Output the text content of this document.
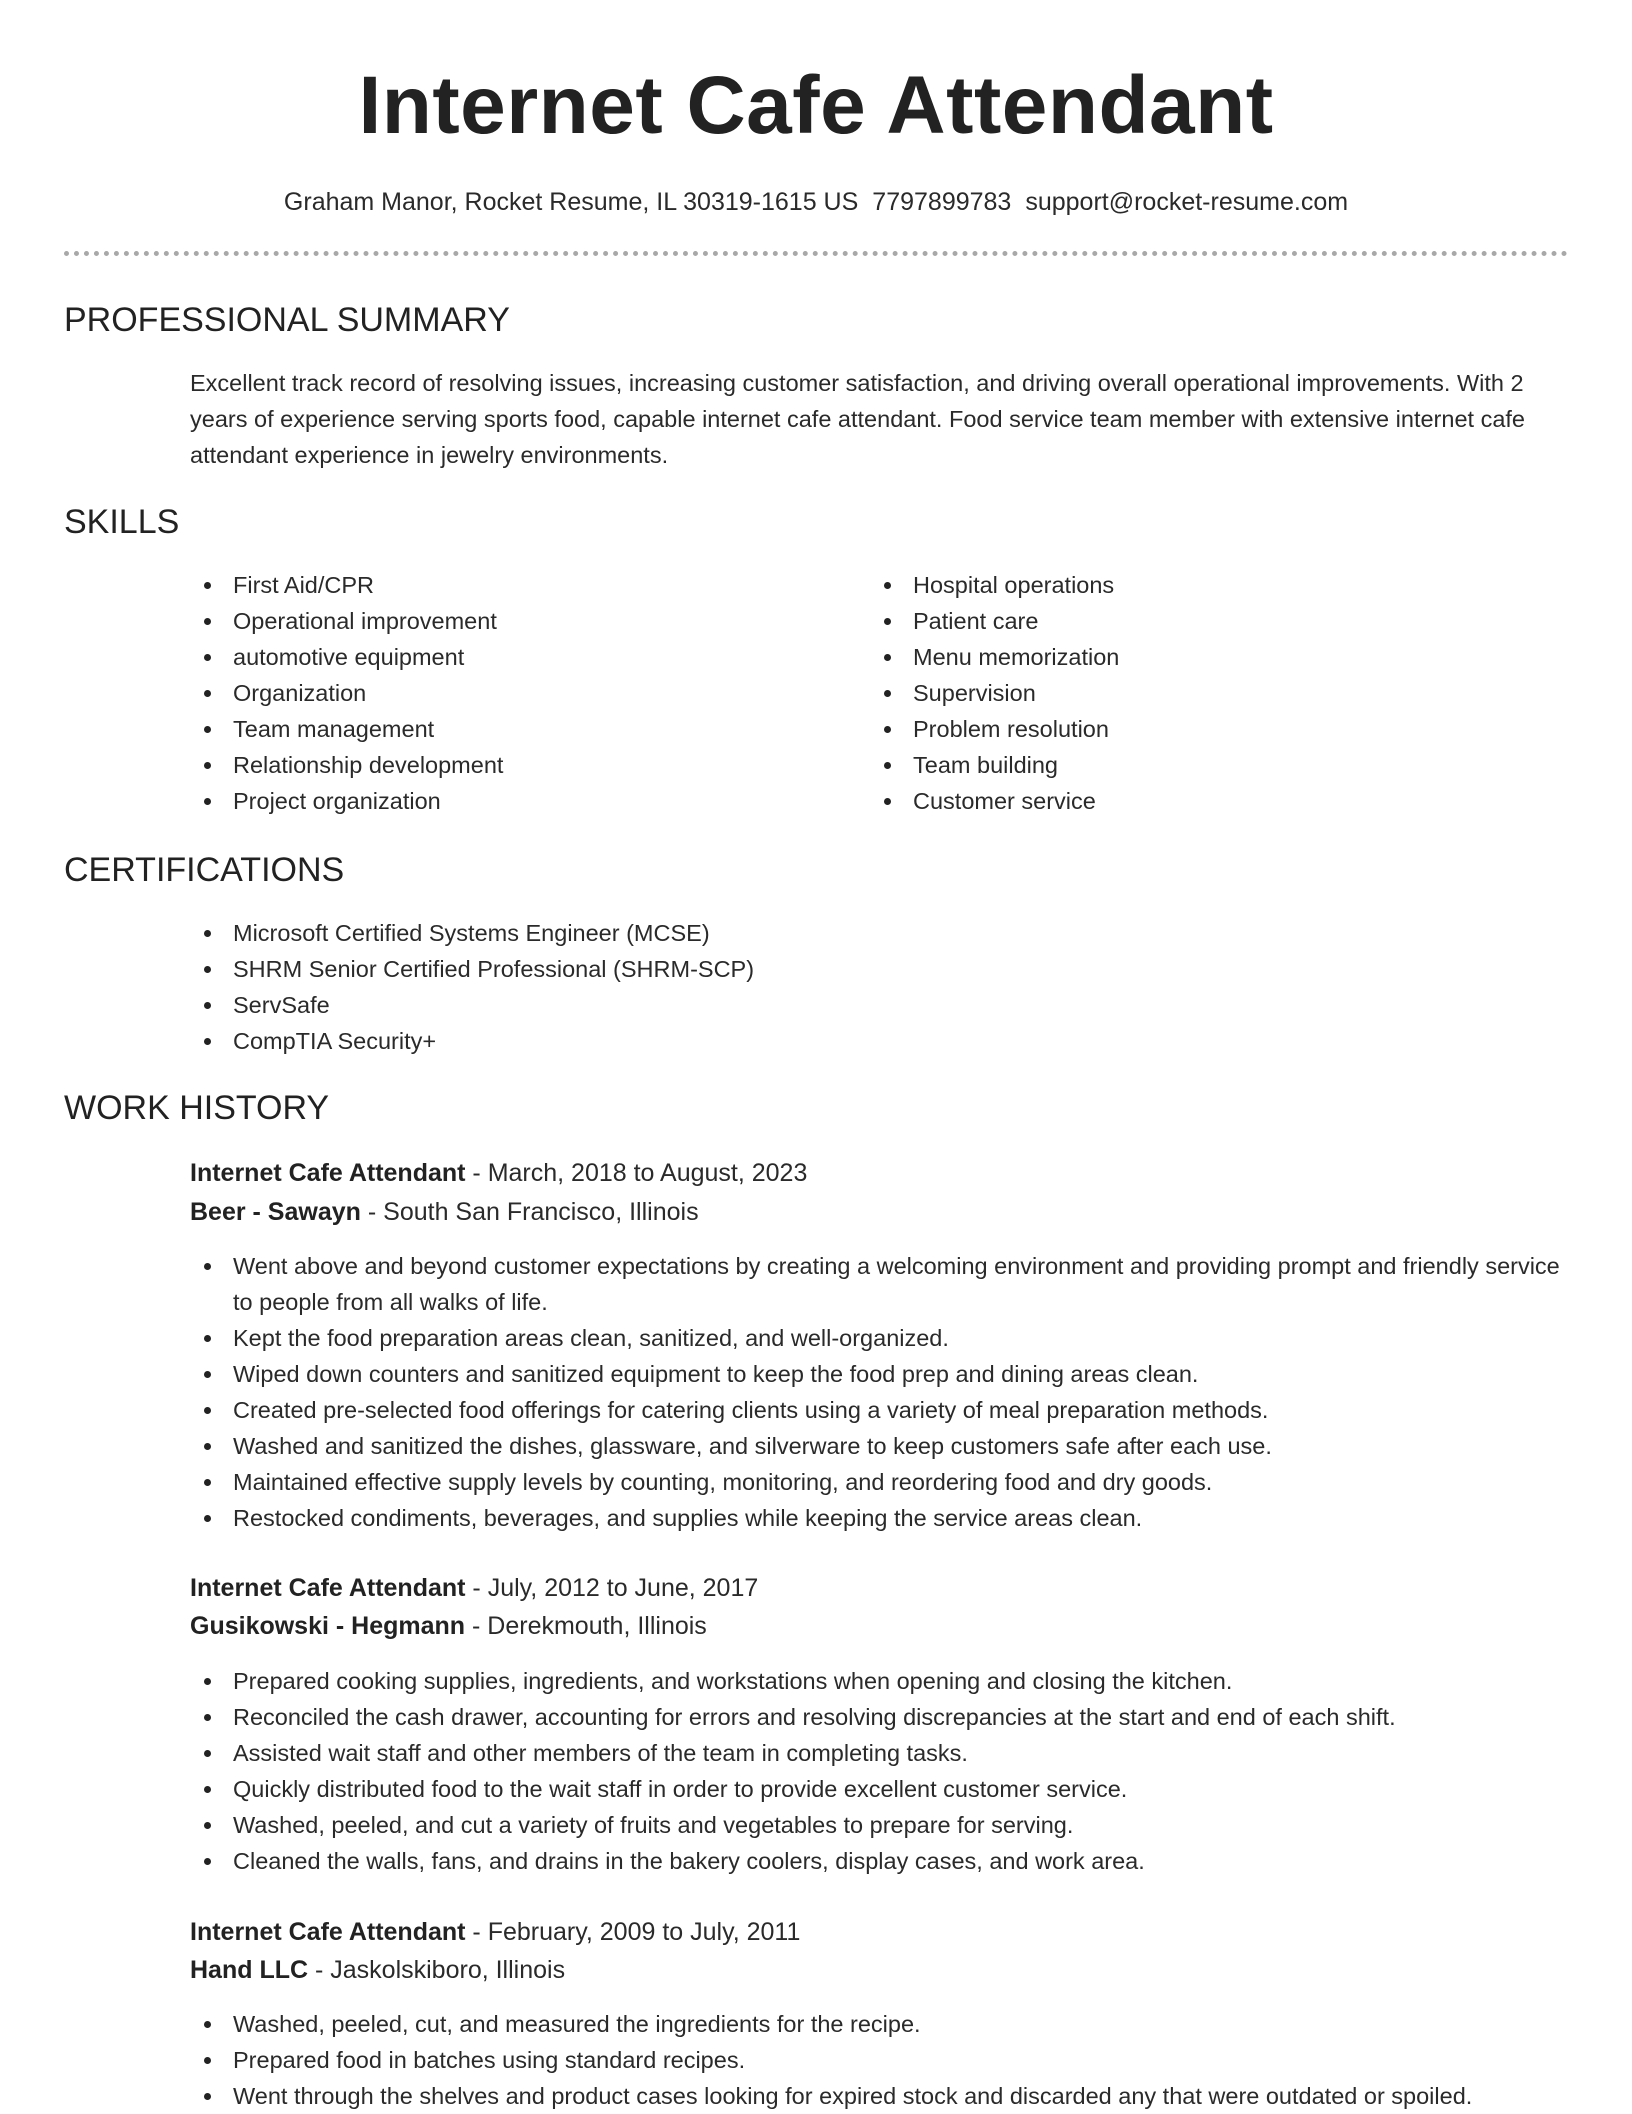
Internet Cafe Attendant
Graham Manor, Rocket Resume, IL 30319-1615 US 7797899783 support@rocket-resume.com
PROFESSIONAL SUMMARY
Excellent track record of resolving issues, increasing customer satisfaction, and driving overall operational improvements. With 2 years of experience serving sports food, capable internet cafe attendant. Food service team member with extensive internet cafe attendant experience in jewelry environments.
SKILLS
First Aid/CPR
Operational improvement
automotive equipment
Organization
Team management
Relationship development
Project organization
Hospital operations
Patient care
Menu memorization
Supervision
Problem resolution
Team building
Customer service
CERTIFICATIONS
Microsoft Certified Systems Engineer (MCSE)
SHRM Senior Certified Professional (SHRM-SCP)
ServSafe
CompTIA Security+
WORK HISTORY
Internet Cafe Attendant - March, 2018 to August, 2023
Beer - Sawayn - South San Francisco, Illinois
Went above and beyond customer expectations by creating a welcoming environment and providing prompt and friendly service to people from all walks of life.
Kept the food preparation areas clean, sanitized, and well-organized.
Wiped down counters and sanitized equipment to keep the food prep and dining areas clean.
Created pre-selected food offerings for catering clients using a variety of meal preparation methods.
Washed and sanitized the dishes, glassware, and silverware to keep customers safe after each use.
Maintained effective supply levels by counting, monitoring, and reordering food and dry goods.
Restocked condiments, beverages, and supplies while keeping the service areas clean.
Internet Cafe Attendant - July, 2012 to June, 2017
Gusikowski - Hegmann - Derekmouth, Illinois
Prepared cooking supplies, ingredients, and workstations when opening and closing the kitchen.
Reconciled the cash drawer, accounting for errors and resolving discrepancies at the start and end of each shift.
Assisted wait staff and other members of the team in completing tasks.
Quickly distributed food to the wait staff in order to provide excellent customer service.
Washed, peeled, and cut a variety of fruits and vegetables to prepare for serving.
Cleaned the walls, fans, and drains in the bakery coolers, display cases, and work area.
Internet Cafe Attendant - February, 2009 to July, 2011
Hand LLC - Jaskolskiboro, Illinois
Washed, peeled, cut, and measured the ingredients for the recipe.
Prepared food in batches using standard recipes.
Went through the shelves and product cases looking for expired stock and discarded any that were outdated or spoiled.
